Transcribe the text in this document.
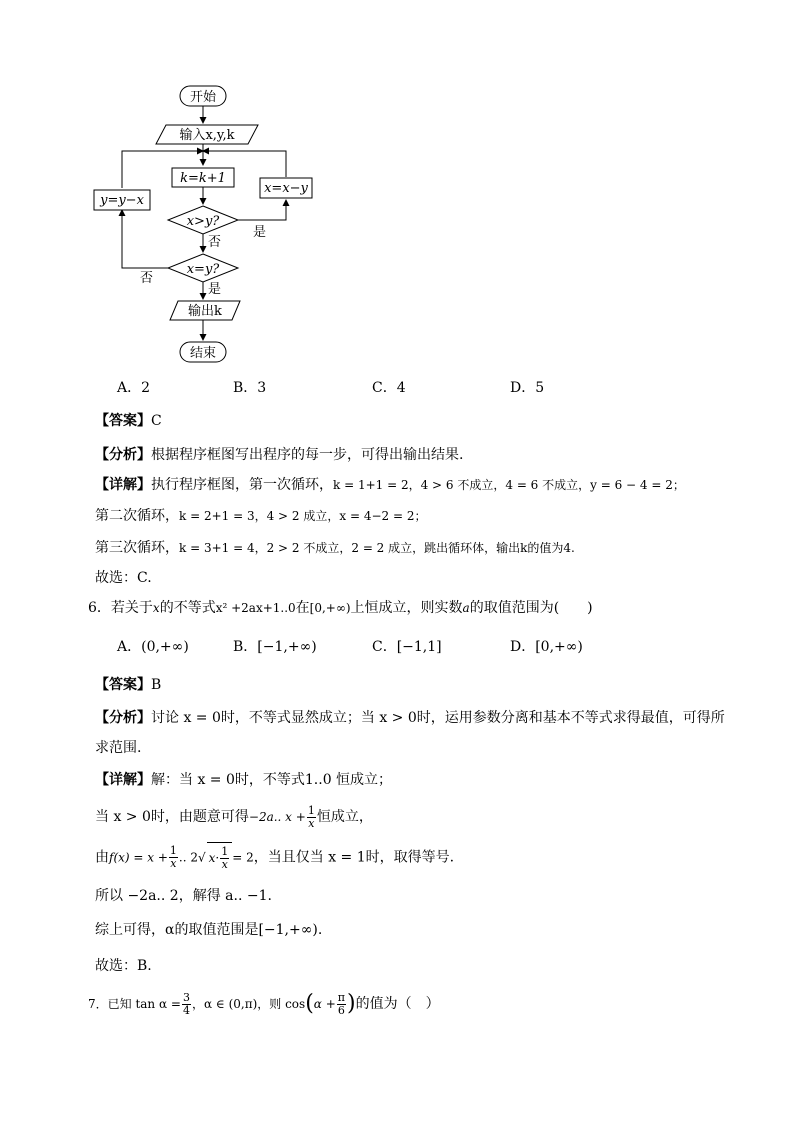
开始
输入x,y,k
k=k+1
x>y?
是
x=x−y
否
x=y?
否
y=y−x
是
输出k
结束
A．2	B．3	C．4	D．5
【答案】C
【分析】根据程序框图写出程序的每一步，可得出输出结果.
【详解】执行程序框图，第一次循环，k = 1+1 = 2，4 > 6 不成立，4 = 6 不成立，y = 6 − 4 = 2；
第二次循环，k = 2+1 = 3，4 > 2 成立，x = 4−2 = 2；
第三次循环，k = 3+1 = 4，2 > 2 不成立，2 = 2 成立，跳出循环体，输出k的值为4.
故选：C.
6．若关于x的不等式x² +2ax+1..0在[0,+∞)上恒成立，则实数a的取值范围为(　　)
A．(0,+∞)	B．[−1,+∞)	C．[−1,1]	D．[0,+∞)
【答案】B
【分析】讨论 x = 0时，不等式显然成立；当 x > 0时，运用参数分离和基本不等式求得最值，可得所
求范围.
【详解】解：当 x = 0时，不等式1..0 恒成立；
当 x > 0时，由题意可得−2a.. $x + \frac{1}{x}$ 恒成立，
由$f(x) = x + \frac{1}{x}$ .. 2√ $x\cdot \frac{1}{x} = 2$，当且仅当 x = 1时，取得等号.
所以 −2a.. 2，解得 a.. −1.
综上可得，α的取值范围是[−1,+∞).
故选：B.
7．已知 $\tan \alpha = \frac{3}{4}$ ，α ∈ (0,π)，则 $\cos(\alpha + \frac{\pi}{6}$ )的值为（　）
